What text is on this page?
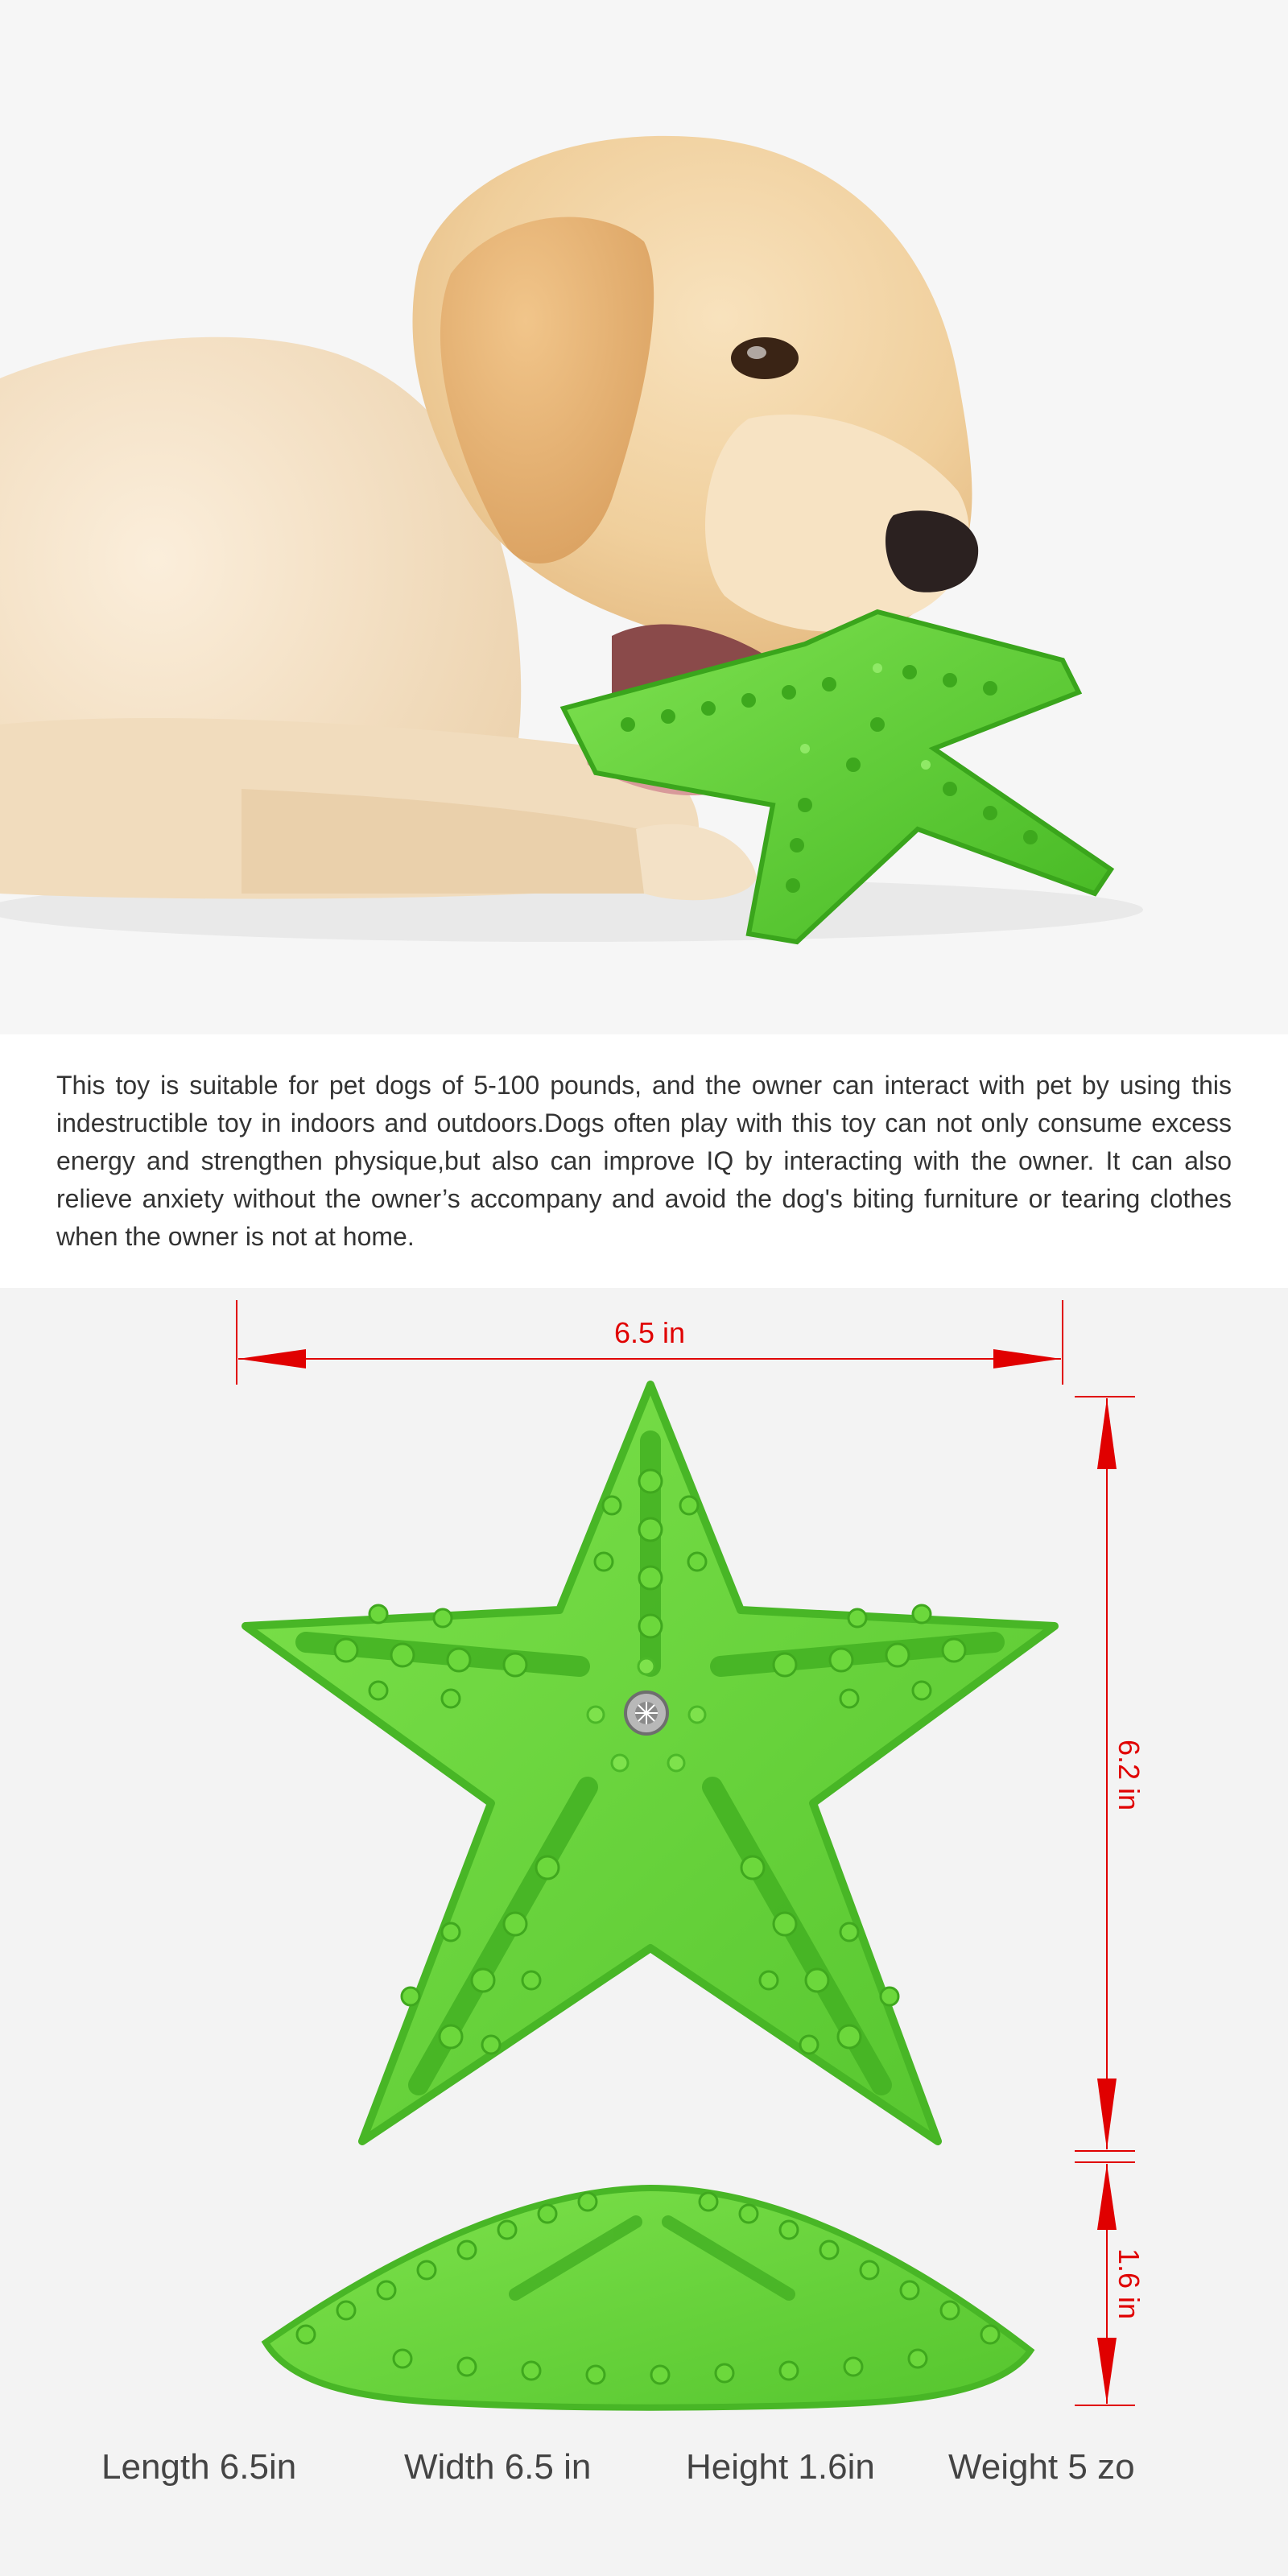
This toy is suitable for pet dogs of 5-100 pounds, and the owner can interact with pet by using this indestructible toy in indoors and outdoors.Dogs often play with this toy can not only consume excess energy and strengthen physique,but also can improve IQ by interacting with the owner. It can also relieve anxiety without the owner’s accompany and avoid the dog's biting furniture or tearing clothes when the owner is not at home.

6.5 in
6.2 in
1.6 in
Length 6.5in	Width 6.5 in	Height 1.6in Weight 5 zo
